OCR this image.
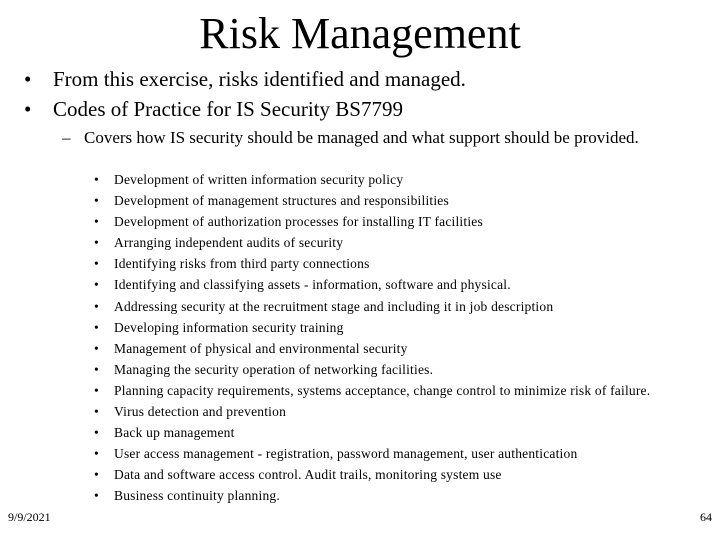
Risk Management
• From this exercise, risks identified and managed.
• Codes of Practice for IS Security BS7799
– Covers how IS security should be managed and what support should be provided.
• Development of written information security policy
• Development of management structures and responsibilities
• Development of authorization processes for installing IT facilities
• Arranging independent audits of security
• Identifying risks from third party connections
• Identifying and classifying assets - information, software and physical.
• Addressing security at the recruitment stage and including it in job description
• Developing information security training
• Management of physical and environmental security
• Managing the security operation of networking facilities.
• Planning capacity requirements, systems acceptance, change control to minimize risk of failure.
• Virus detection and prevention
• Back up management
• User access management - registration, password management, user authentication
• Data and software access control. Audit trails, monitoring system use
• Business continuity planning.
9/9/2021	64
